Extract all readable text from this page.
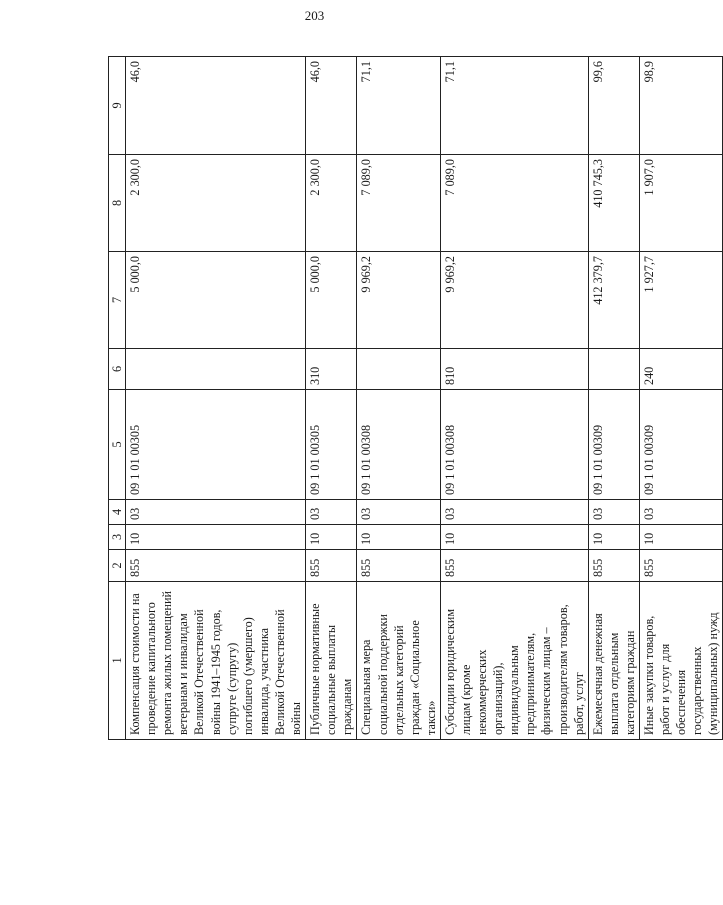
203
1	2	3	4	5	6	7	8	9
Компенсация стоимости на проведение капитального ремонта жилых помещений ветеранам и инвалидам Великой Отечественной войны 1941–1945 годов, супруге (супругу) погибшего (умершего) инвалида, участника Великой Отечественной войны	855	10	03	09 1 01 00305		5 000,0	2 300,0	46,0
Публичные нормативные социальные выплаты гражданам	855	10	03	09 1 01 00305	310	5 000,0	2 300,0	46,0
Специальная мера социальной поддержки отдельных категорий граждан «Социальное такси»	855	10	03	09 1 01 00308		9 969,2	7 089,0	71,1
Субсидии юридическим лицам (кроме некоммерческих организаций), индивидуальным предпринимателям, физическим лицам – производителям товаров, работ, услуг	855	10	03	09 1 01 00308	810	9 969,2	7 089,0	71,1
Ежемесячная денежная выплата отдельным категориям граждан	855	10	03	09 1 01 00309		412 379,7	410 745,3	99,6
Иные закупки товаров, работ и услуг для обеспечения государственных (муниципальных) нужд	855	10	03	09 1 01 00309	240	1 927,7	1 907,0	98,9
